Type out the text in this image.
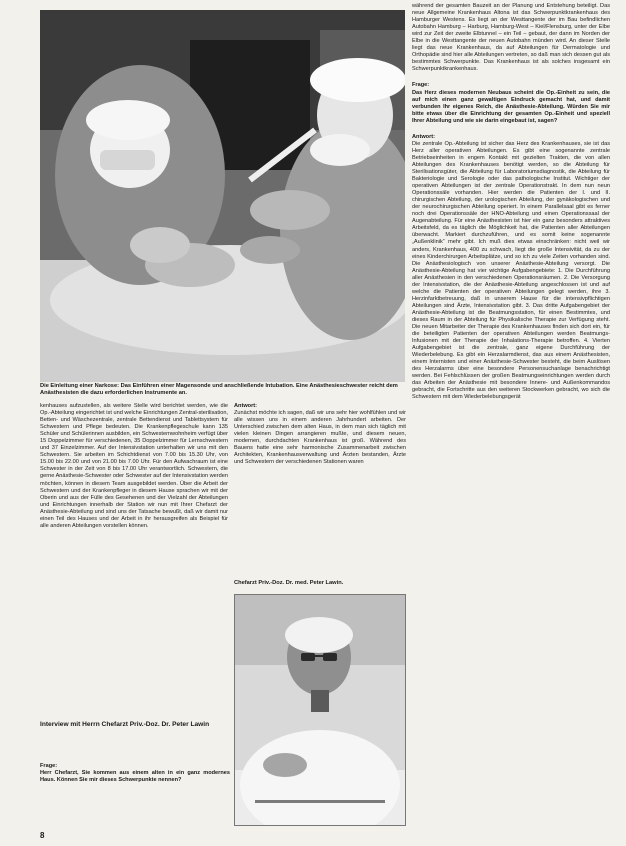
Die Einleitung einer Narkose: Das Einführen einer Magensonde und anschließende Intubation. Eine Anästhesieschwester reicht dem Anästhesisten die dazu erforderlichen Instrumente an.

während der gesamten Bauzeit an der Planung und Entstehung beteiligt. Das neue Allgemeine Krankenhaus Altona ist das Schwerpunktkrankenhaus des Hamburger Westens. Es liegt an der Westtangente der im Bau befindlichen Autobahn Hamburg – Harburg, Hamburg-West – Kiel/Flensburg, unter der Elbe wird zur Zeit der zweite Elbtunnel – ein Teil – gebaut, der dann im Norden der Elbe in die Westtangente der neuen Autobahn münden wird. An dieser Stelle liegt das neue Krankenhaus, da auf Abteilungen für Dermatologie und Orthopädie sind hier alle Abteilungen vertreten, so daß man sich dessen gut als bestimmtes Schwerpunkte. Das Krankenhaus ist als solches insgesamt ein Schwerpunktkrankenhaus.

Frage:

Das Herz dieses modernen Neubaus scheint die Op.-Einheit zu sein, die auf mich einen ganz gewaltigen Eindruck gemacht hat, und damit verbunden Ihr eigenes Reich, die Anästhesie-Abteilung. Würden Sie mir bitte etwas über die Einrichtung der gesamten Op.-Einheit und speziell Ihrer Abteilung und wie sie darin eingebaut ist, sagen?

Antwort:

Die zentrale Op.-Abteilung ist sicher das Herz des Krankenhauses, sie ist das Herz aller operativen Abteilungen. Es gibt eine sogenannte zentrale Betriebseinheiten in engem Kontakt mit gezielten Trakten, die von allen Abteilungen des Krankenhauses benötigt werden, so die Abteilung für Sterilisationsgüter, die Abteilung für Laboratoriumsdiagnostik, die Abteilung für Bakteriologie und Serologie oder das pathologische Institut. Wichtiger der operativen Abteilungen ist der zentrale Operationstrakt. In dem nun neun Operationssäle vorhanden. Hier werden die Patienten der I. und II. chirurgischen Abteilung, der urologischen Abteilung, der gynäkologischen und der neurochirurgischen Abteilung operiert. In einem Parallelsaal gibt es ferner noch drei Operationssäle der HNO-Abteilung und einen Operationssaal der Augenabteilung. Für eine Anästhesisten ist hier ein ganz besonders attraktives Arbeitsfeld, da es täglich die Möglichkeit hat, die Patienten aller Abteilungen überwacht. Markiert durchzuführen, und es somit keine sogenannte „Außenklinik“ mehr gibt. Ich muß dies etwas einschränken: nicht weil wir anders, Krankenhaus, 400 zu schwach, liegt die große Intensivität, da zu der eines Kinderchirurgen Arbeitsplätze, und so ich zu viele Zeiten vorhanden sind. Die Anästhesiologisch von unserer Anästhesie-Abteilung versorgt. Die Anästhesie-Abteilung hat vier wichtige Aufgabengebiete: 1. Die Durchführung aller Anästhesien in den verschiedenen Operationsräumen. 2. Die Versorgung der Intensivstation, die der Anästhesie-Abteilung angeschlossen ist und auf welche die Patienten der operativen Abteilungen gelegt werden, ihre 3. Herzinfarktbetreuung, daß in unserem Hause für die intensivpflichtigen Abteilungen sind Ärzte, Intensivstation gibt. 3. Das dritte Aufgabengebiet der Anästhesie-Abteilung ist die Beatmungsstation, für einen Bestimmtes, und dieses Raum in der Abteilung für Physikalische Therapie zur Verfügung steht. Die neuen Mitarbeiter der Therapie des Krankenhauses finden sich dort ein, für die beteiligten Patienten der operativen Abteilungen werden Beatmungs-Infusionen mit der Therapie der Inhalations-Therapie betroffen. 4. Vierten Aufgabengebiet ist die zentrale, ganz eigene Durchführung der Wiederbelebung. Es gibt ein Herzalarmdienst, das aus einem Anästhesisten, einem Internisten und einer Anästhesie-Schwester besteht, die beim Auslösen des Herzalarms über eine besondere Personensuchanlage benachrichtigt werden. Bei Fehlschlüssen der großen Beatmungseinrichtungen werden durch das Arbeiten der Anästhesie mit besondere Innere- und Außenkommandos gebracht, die Fortschritte aus den weiteren Stockwerken gebracht, wo sich die Schwestern mit dem Wiederbelebungsgerät

kenhauses aufzustellen, als weitere Stelle wird berichtet werden, wie die Op.-Abteilung eingerichtet ist und welche Einrichtungen Zentral-sterilisation, Betten- und Wäschezentrale, zentrale Bettendienst und Tablettsystem für Schwestern und Pflege bedeuten. Die Krankenpflegeschule kann 135 Schüler und Schülerinnen ausbilden, ein Schwesternwohnheim verfügt über 15 Doppelzimmer für verschiedenen, 35 Doppelzimmer für Lernschwestern und 37 Einzelzimmer. Auf der Intensivstation unterhalten wir uns mit den Schwestern. Sie arbeiten im Schichtdienst von 7.00 bis 15.30 Uhr, von 15.00 bis 22.00 und von 21.00 bis 7.00 Uhr. Für den Aufwachraum ist eine Schwester in der Zeit von 8 bis 17.00 Uhr verantwortlich. Schwestern, die gerne Anästhesie-Schwester oder Schwester auf der Intensivstation werden möchten, können in diesem Team ausgebildet werden. Über die Arbeit der Schwestern und der Krankenpfleger in diesem Hause sprachen wir mit der Oberin und aus der Fülle des Gesehenen und der Vielzahl der Abteilungen und Einrichtungen innerhalb der Station wir nun mit Ihrer Chefarzt der Anästhesie-Abteilung und sind uns der Tatsache bewußt, daß wir damit nur einen Teil des Hauses und der Arbeit in ihr herausgreifen als Beispiel für alle anderen Abteilungen vorstellen können.
Interview mit Herrn Chefarzt Priv.-Doz. Dr. Peter Lawin

Frage:

Herr Chefarzt, Sie kommen aus einem alten in ein ganz modernes Haus. Können Sie mir dieses Schwerpunkte nennen?

Antwort:

Zunächst möchte ich sagen, daß wir uns sehr hier wohlfühlen und wir alle wissen uns in einem anderen Jahrhundert arbeiten. Der Unterschied zwischen dem alten Haus, in dem man sich täglich mit vielen kleinen Dingen arrangieren mußte, und diesem neuen, modernen, durchdachten Krankenhaus ist groß. Während des Bauens hatte eine sehr harmonische Zusammenarbeit zwischen Architekten, Krankenhausverwaltung und Ärzten bestanden, Ärzte und Schwestern der verschiedenen Stationen waren

Chefarzt Priv.-Doz. Dr. med. Peter Lawin.
8
